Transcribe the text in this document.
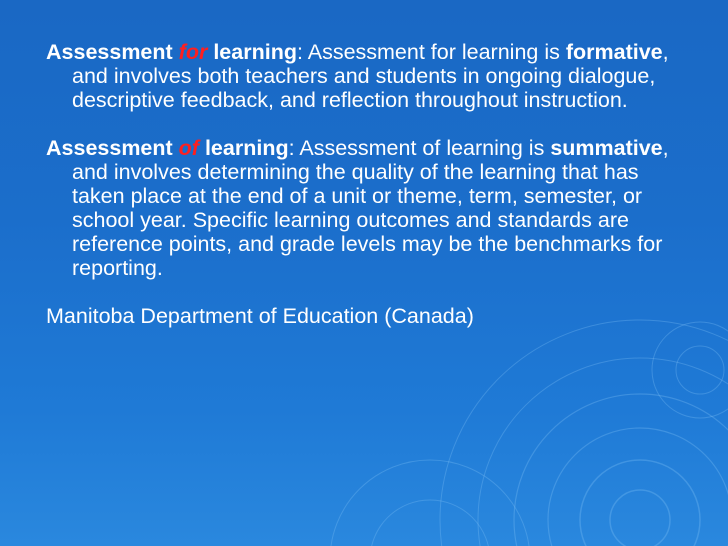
Assessment for learning: Assessment for learning is formative, and involves both teachers and students in ongoing dialogue, descriptive feedback, and reflection throughout instruction.

Assessment of learning: Assessment of learning is summative, and involves determining the quality of the learning that has taken place at the end of a unit or theme, term, semester, or school year. Specific learning outcomes and standards are reference points, and grade levels may be the benchmarks for reporting.

Manitoba Department of Education (Canada)
